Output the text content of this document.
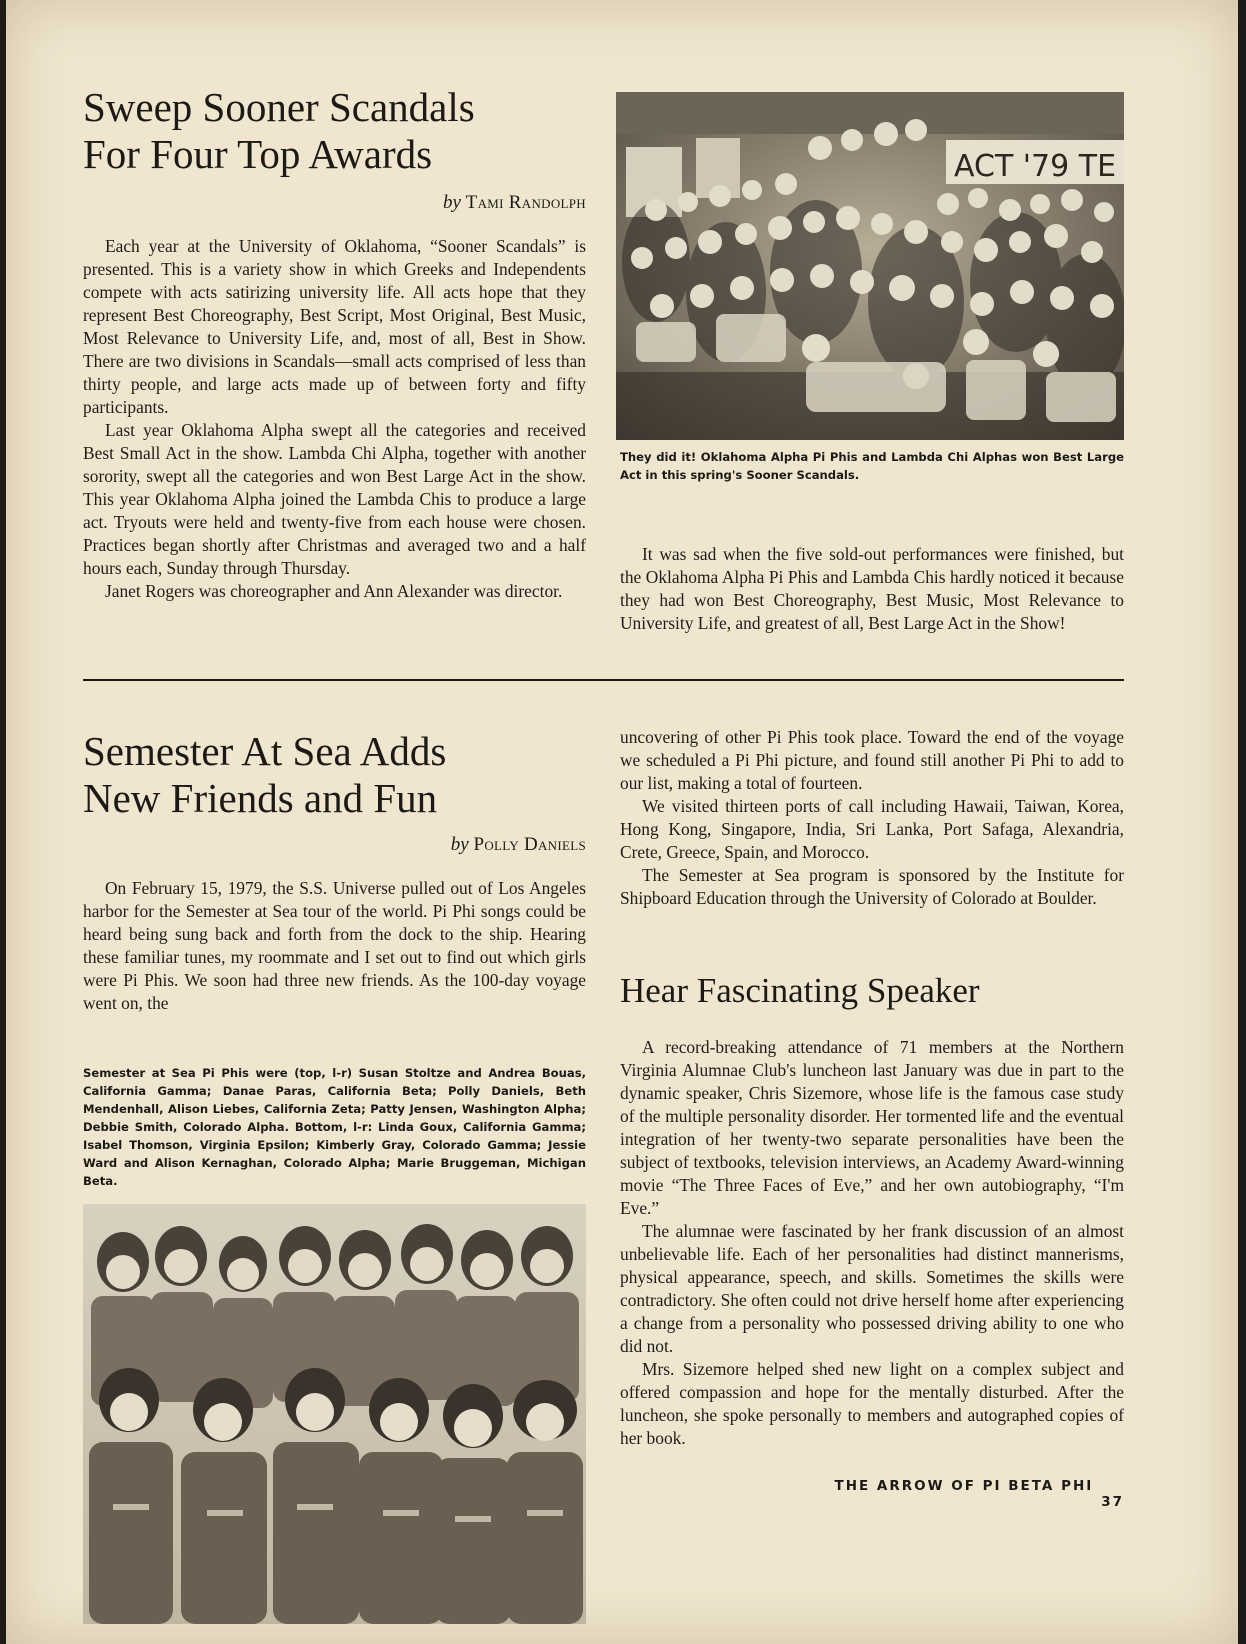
Sweep Sooner Scandals
For Four Top Awards
by Tami Randolph

Each year at the University of Oklahoma, “Sooner Scandals” is presented. This is a variety show in which Greeks and Independents compete with acts satirizing university life. All acts hope that they represent Best Choreography, Best Script, Most Original, Best Music, Most Relevance to University Life, and, most of all, Best in Show. There are two divisions in Scandals—small acts comprised of less than thirty people, and large acts made up of between forty and fifty participants.

Last year Oklahoma Alpha swept all the categories and received Best Small Act in the show. Lambda Chi Alpha, together with another sorority, swept all the categories and won Best Large Act in the show. This year Oklahoma Alpha joined the Lambda Chis to produce a large act. Tryouts were held and twenty-five from each house were chosen. Practices began shortly after Christmas and averaged two and a half hours each, Sunday through Thursday.

Janet Rogers was choreographer and Ann Alexander was director.

ACT '79 TE
They did it! Oklahoma Alpha Pi Phis and Lambda Chi Alphas won Best Large Act in this spring's Sooner Scandals.

It was sad when the five sold-out performances were finished, but the Oklahoma Alpha Pi Phis and Lambda Chis hardly noticed it because they had won Best Choreography, Best Music, Most Relevance to University Life, and greatest of all, Best Large Act in the Show!

Semester At Sea Adds
New Friends and Fun
by Polly Daniels

On February 15, 1979, the S.S. Universe pulled out of Los Angeles harbor for the Semester at Sea tour of the world. Pi Phi songs could be heard being sung back and forth from the dock to the ship. Hearing these familiar tunes, my roommate and I set out to find out which girls were Pi Phis. We soon had three new friends. As the 100-day voyage went on, the

Semester at Sea Pi Phis were (top, l-r) Susan Stoltze and Andrea Bouas, California Gamma; Danae Paras, California Beta; Polly Daniels, Beth Mendenhall, Alison Liebes, California Zeta; Patty Jensen, Washington Alpha; Debbie Smith, Colorado Alpha. Bottom, l-r: Linda Goux, California Gamma; Isabel Thomson, Virginia Epsilon; Kimberly Gray, Colorado Gamma; Jessie Ward and Alison Kernaghan, Colorado Alpha; Marie Bruggeman, Michigan Beta.

uncovering of other Pi Phis took place. Toward the end of the voyage we scheduled a Pi Phi picture, and found still another Pi Phi to add to our list, making a total of fourteen.

We visited thirteen ports of call including Hawaii, Taiwan, Korea, Hong Kong, Singapore, India, Sri Lanka, Port Safaga, Alexandria, Crete, Greece, Spain, and Morocco.

The Semester at Sea program is sponsored by the Institute for Shipboard Education through the University of Colorado at Boulder.

Hear Fascinating Speaker

A record-breaking attendance of 71 members at the Northern Virginia Alumnae Club's luncheon last January was due in part to the dynamic speaker, Chris Sizemore, whose life is the famous case study of the multiple personality disorder. Her tormented life and the eventual integration of her twenty-two separate personalities have been the subject of textbooks, television interviews, an Academy Award-winning movie “The Three Faces of Eve,” and her own autobiography, “I'm Eve.”

The alumnae were fascinated by her frank discussion of an almost unbelievable life. Each of her personalities had distinct mannerisms, physical appearance, speech, and skills. Sometimes the skills were contradictory. She often could not drive herself home after experiencing a change from a personality who possessed driving ability to one who did not.

Mrs. Sizemore helped shed new light on a complex subject and offered compassion and hope for the mentally disturbed. After the luncheon, she spoke personally to members and autographed copies of her book.

THE ARROW OF PI BETA PHI  37
